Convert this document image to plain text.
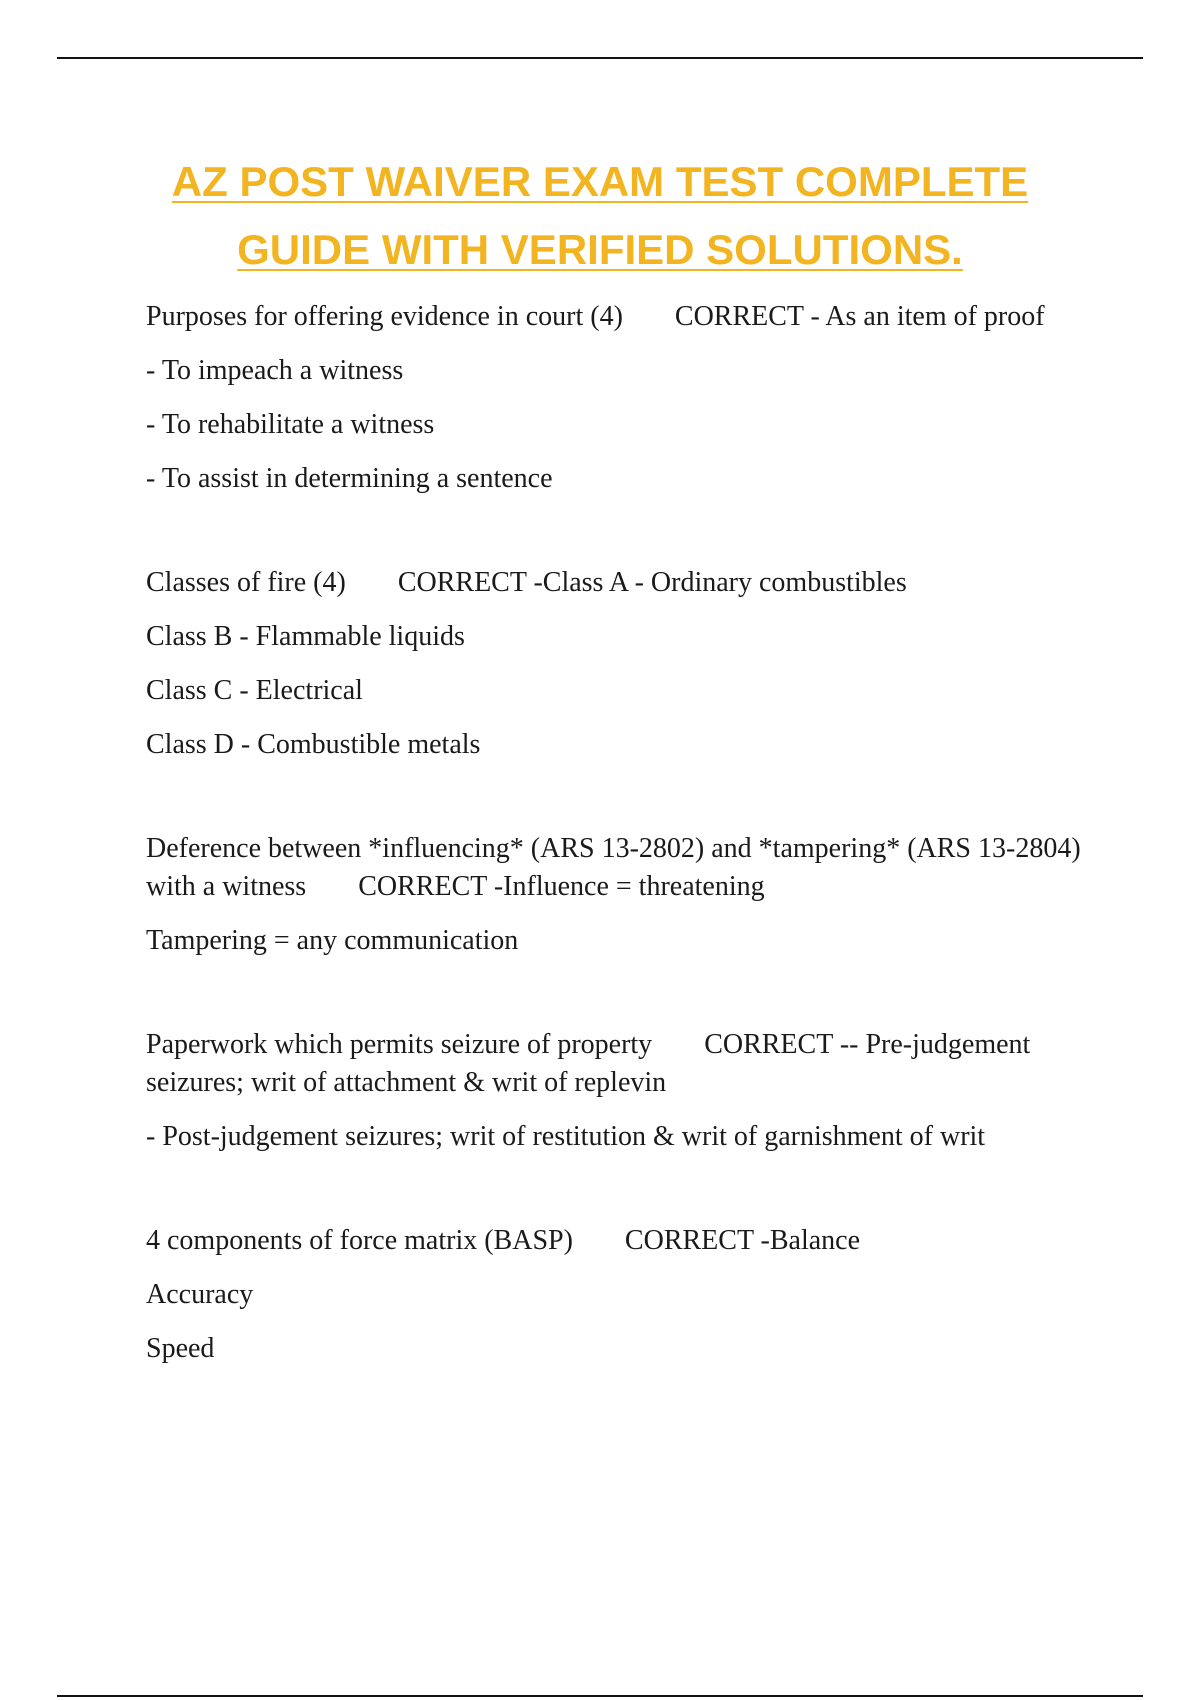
AZ POST WAIVER EXAM TEST COMPLETE
GUIDE WITH VERIFIED SOLUTIONS.

Purposes for offering evidence in court (4) CORRECT - As an item of proof

- To impeach a witness

- To rehabilitate a witness

- To assist in determining a sentence

Classes of fire (4) CORRECT -Class A - Ordinary combustibles

Class B - Flammable liquids

Class C - Electrical

Class D - Combustible metals

Deference between *influencing* (ARS 13-2802) and *tampering* (ARS 13-2804) with a witness CORRECT -Influence = threatening

Tampering = any communication

Paperwork which permits seizure of property CORRECT -- Pre-judgement seizures; writ of attachment & writ of replevin

- Post-judgement seizures; writ of restitution & writ of garnishment of writ

4 components of force matrix (BASP) CORRECT -Balance

Accuracy

Speed
